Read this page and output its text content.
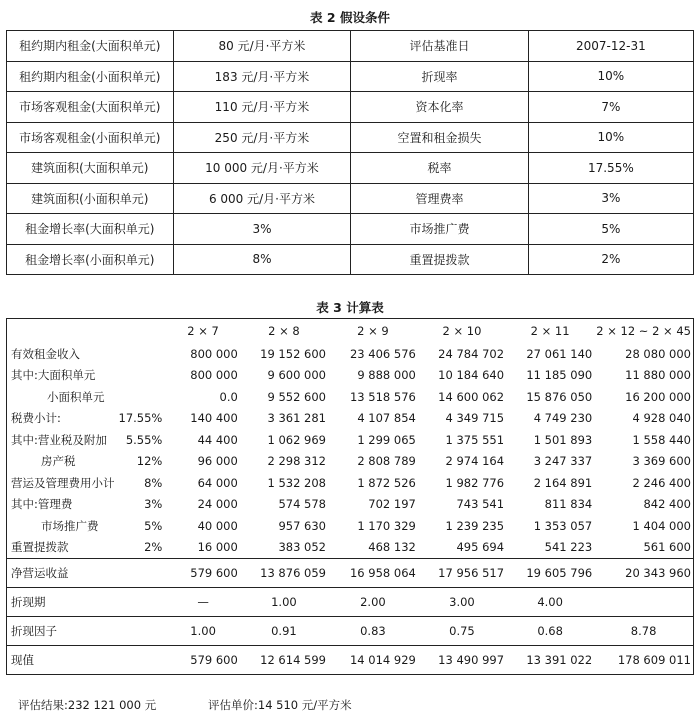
表 2 假设条件
租约期内租金(大面积单元)	80 元/月·平方米	评估基准日	2007-12-31
租约期内租金(小面积单元)	183 元/月·平方米	折现率	10%
市场客观租金(大面积单元)	110 元/月·平方米	资本化率	7%
市场客观租金(小面积单元)	250 元/月·平方米	空置和租金损失	10%
建筑面积(大面积单元)	10 000 元/月·平方米	税率	17.55%
建筑面积(小面积单元)	6 000 元/月·平方米	管理费率	3%
租金增长率(大面积单元)	3%	市场推广费	5%
租金增长率(小面积单元)	8%	重置提拨款	2%
表 3 计算表
		2 × 7	2 × 8	2 × 9	2 × 10	2 × 11	2 × 12 ~ 2 × 45
有效租金收入		800 000	19 152 600	23 406 576	24 784 702	27 061 140	28 080 000
其中:大面积单元		800 000	9 600 000	9 888 000	10 184 640	11 185 090	11 880 000
小面积单元		0.0	9 552 600	13 518 576	14 600 062	15 876 050	16 200 000
税费小计:	17.55%	140 400	3 361 281	4 107 854	4 349 715	4 749 230	4 928 040
其中:营业税及附加	5.55%	44 400	1 062 969	1 299 065	1 375 551	1 501 893	1 558 440
房产税	12%	96 000	2 298 312	2 808 789	2 974 164	3 247 337	3 369 600
营运及管理费用小计	8%	64 000	1 532 208	1 872 526	1 982 776	2 164 891	2 246 400
其中:管理费	3%	24 000	574 578	702 197	743 541	811 834	842 400
市场推广费	5%	40 000	957 630	1 170 329	1 239 235	1 353 057	1 404 000
重置提拨款	2%	16 000	383 052	468 132	495 694	541 223	561 600
净营运收益		579 600	13 876 059	16 958 064	17 956 517	19 605 796	20 343 960
折现期		—	1.00	2.00	3.00	4.00	
折现因子		1.00	0.91	0.83	0.75	0.68	8.78
现值		579 600	12 614 599	14 014 929	13 490 997	13 391 022	178 609 011
评估结果:232 121 000 元	评估单价:14 510 元/平方米
